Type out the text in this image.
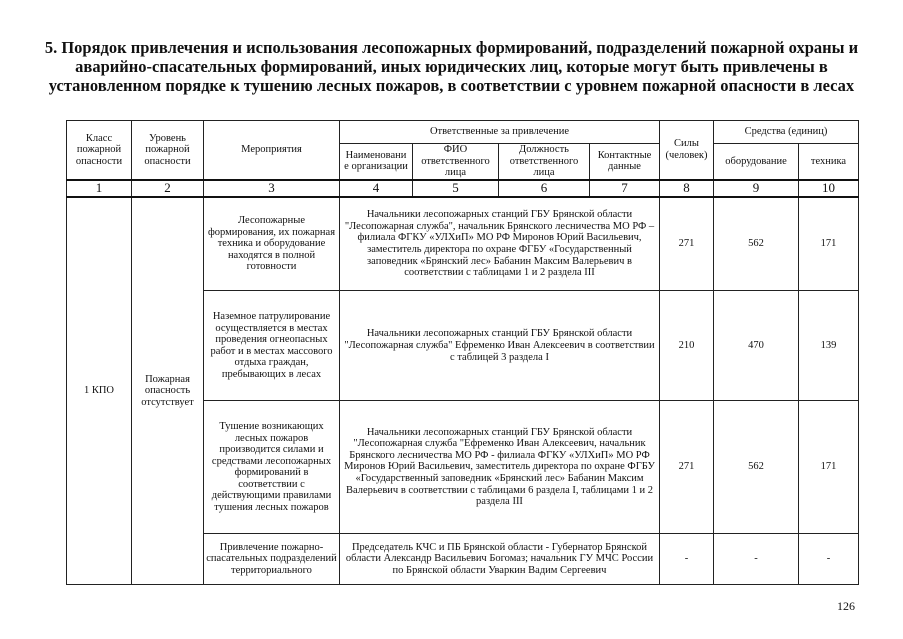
5. Порядок привлечения и использования лесопожарных формирований, подразделений пожарной охраны и аварийно-спасательных формирований, иных юридических лиц, которые могут быть привлечены в установленном порядке к тушению лесных пожаров, в соответствии с уровнем пожарной опасности в лесах
Класс пожарной опасности	Уровень пожарной опасности	Мероприятия	Ответственные за привлечение				Силы (человек)	Средства (единиц)	
			Наименовани е организации	ФИО ответственного лица	Должность ответственного лица	Контактные данные		оборудование	техника
1	2	3	4	5	6	7	8	9	10
1 КПО	Пожарная опасность отсутствует	Лесопожарные формирования, их пожарная техника и оборудование находятся в полной готовности	Начальники лесопожарных станций ГБУ Брянской области "Лесопожарная служба", начальник Брянского лесничества МО РФ – филиала ФГКУ «УЛХиП» МО РФ Миронов Юрий Васильевич, заместитель директора по охране ФГБУ «Государственный заповедник «Брянский лес» Бабанин Максим Валерьевич в соответствии с таблицами 1 и 2 раздела III				271	562	171
		Наземное патрулирование осуществляется в местах проведения огнеопасных работ и в местах массового отдыха граждан, пребывающих в лесах	Начальники лесопожарных станций ГБУ Брянской области "Лесопожарная служба" Ефременко Иван Алексеевич в соответствии с таблицей 3 раздела I				210	470	139
		Тушение возникающих лесных пожаров производится силами и средствами лесопожарных формирований в соответствии с действующими правилами тушения лесных пожаров	Начальники лесопожарных станций ГБУ Брянской области "Лесопожарная служба "Ефременко Иван Алексеевич, начальник Брянского лесничества МО РФ - филиала ФГКУ «УЛХиП» МО РФ Миронов Юрий Васильевич, заместитель директора по охране ФГБУ «Государственный заповедник «Брянский лес» Бабанин Максим Валерьевич в соответствии с таблицами 6 раздела I, таблицами 1 и 2 раздела III				271	562	171
		Привлечение пожарно-спасательных подразделений территориального	Председатель КЧС и ПБ Брянской области - Губернатор Брянской области Александр Васильевич Богомаз; начальник ГУ МЧС России по Брянской области Уваркин Вадим Сергеевич				-	-	-
126
